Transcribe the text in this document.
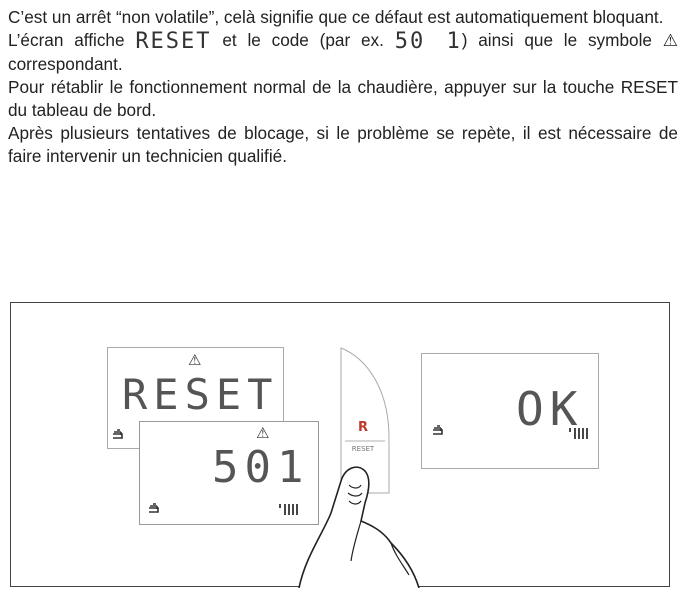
C’est un arrêt “non volatile”, celà signifie que ce défaut est automatiquement bloquant.

L’écran affiche RESET et le code (par ex. 50 1) ainsi que le symbole ⚠ correspondant.

Pour rétablir le fonctionnement normal de la chaudière, appuyer sur la touche RESET du tableau de bord.

Après plusieurs tentatives de blocage, si le problème se repète, il est nécessaire de faire intervenir un technicien qualifié.

⚠
RESET
⚠
501
R
RESET
OK
